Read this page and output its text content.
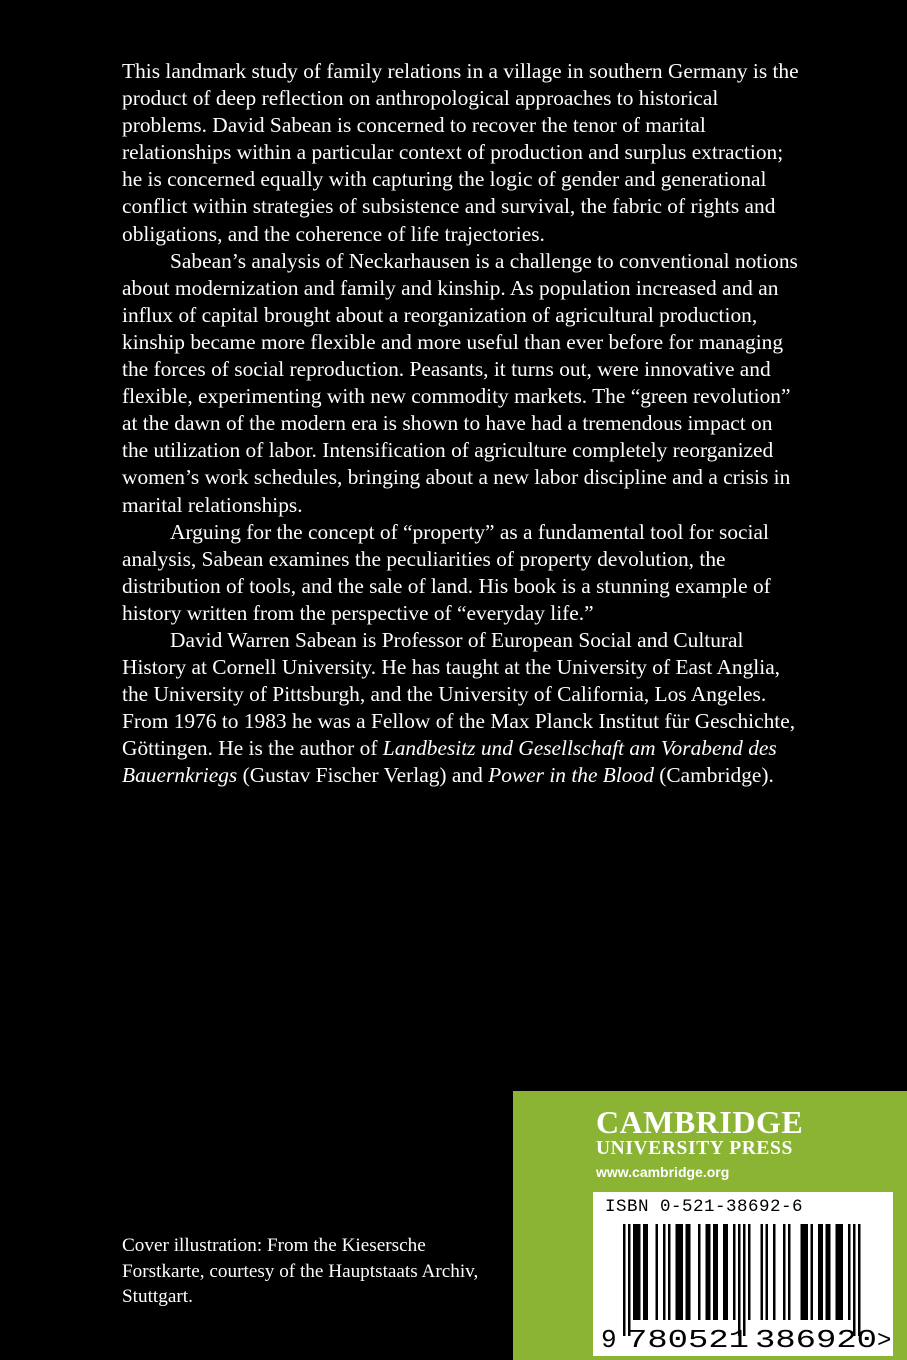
This landmark study of family relations in a village in southern Germany is the product of deep reflection on anthropological approaches to historical problems. David Sabean is concerned to recover the tenor of marital relationships within a particular context of production and surplus extraction; he is concerned equally with capturing the logic of gender and generational conflict within strategies of subsistence and survival, the fabric of rights and obligations, and the coherence of life trajectories.

Sabean’s analysis of Neckarhausen is a challenge to conventional notions about modernization and family and kinship. As population increased and an influx of capital brought about a reorganization of agricultural production, kinship became more flexible and more useful than ever before for managing the forces of social reproduction. Peasants, it turns out, were innovative and flexible, experimenting with new commodity markets. The “green revolution” at the dawn of the modern era is shown to have had a tremendous impact on the utilization of labor. Intensification of agriculture completely reorganized women’s work schedules, bringing about a new labor discipline and a crisis in marital relationships.

Arguing for the concept of “property” as a fundamental tool for social analysis, Sabean examines the peculiarities of property devolution, the distribution of tools, and the sale of land. His book is a stunning example of history written from the perspective of “everyday life.”

David Warren Sabean is Professor of European Social and Cultural History at Cornell University. He has taught at the University of East Anglia, the University of Pittsburgh, and the University of California, Los Angeles. From 1976 to 1983 he was a Fellow of the Max Planck Institut für Geschichte, Göttingen. He is the author of Landbesitz und Gesellschaft am Vorabend des Bauernkriegs (Gustav Fischer Verlag) and Power in the Blood (Cambridge).

Cover illustration: From the Kiesersche Forstkarte, courtesy of the Hauptstaats Archiv, Stuttgart.

CAMBRIDGE

UNIVERSITY PRESS

www.cambridge.org

ISBN 0-521-38692-6

9 780521 386920 >
